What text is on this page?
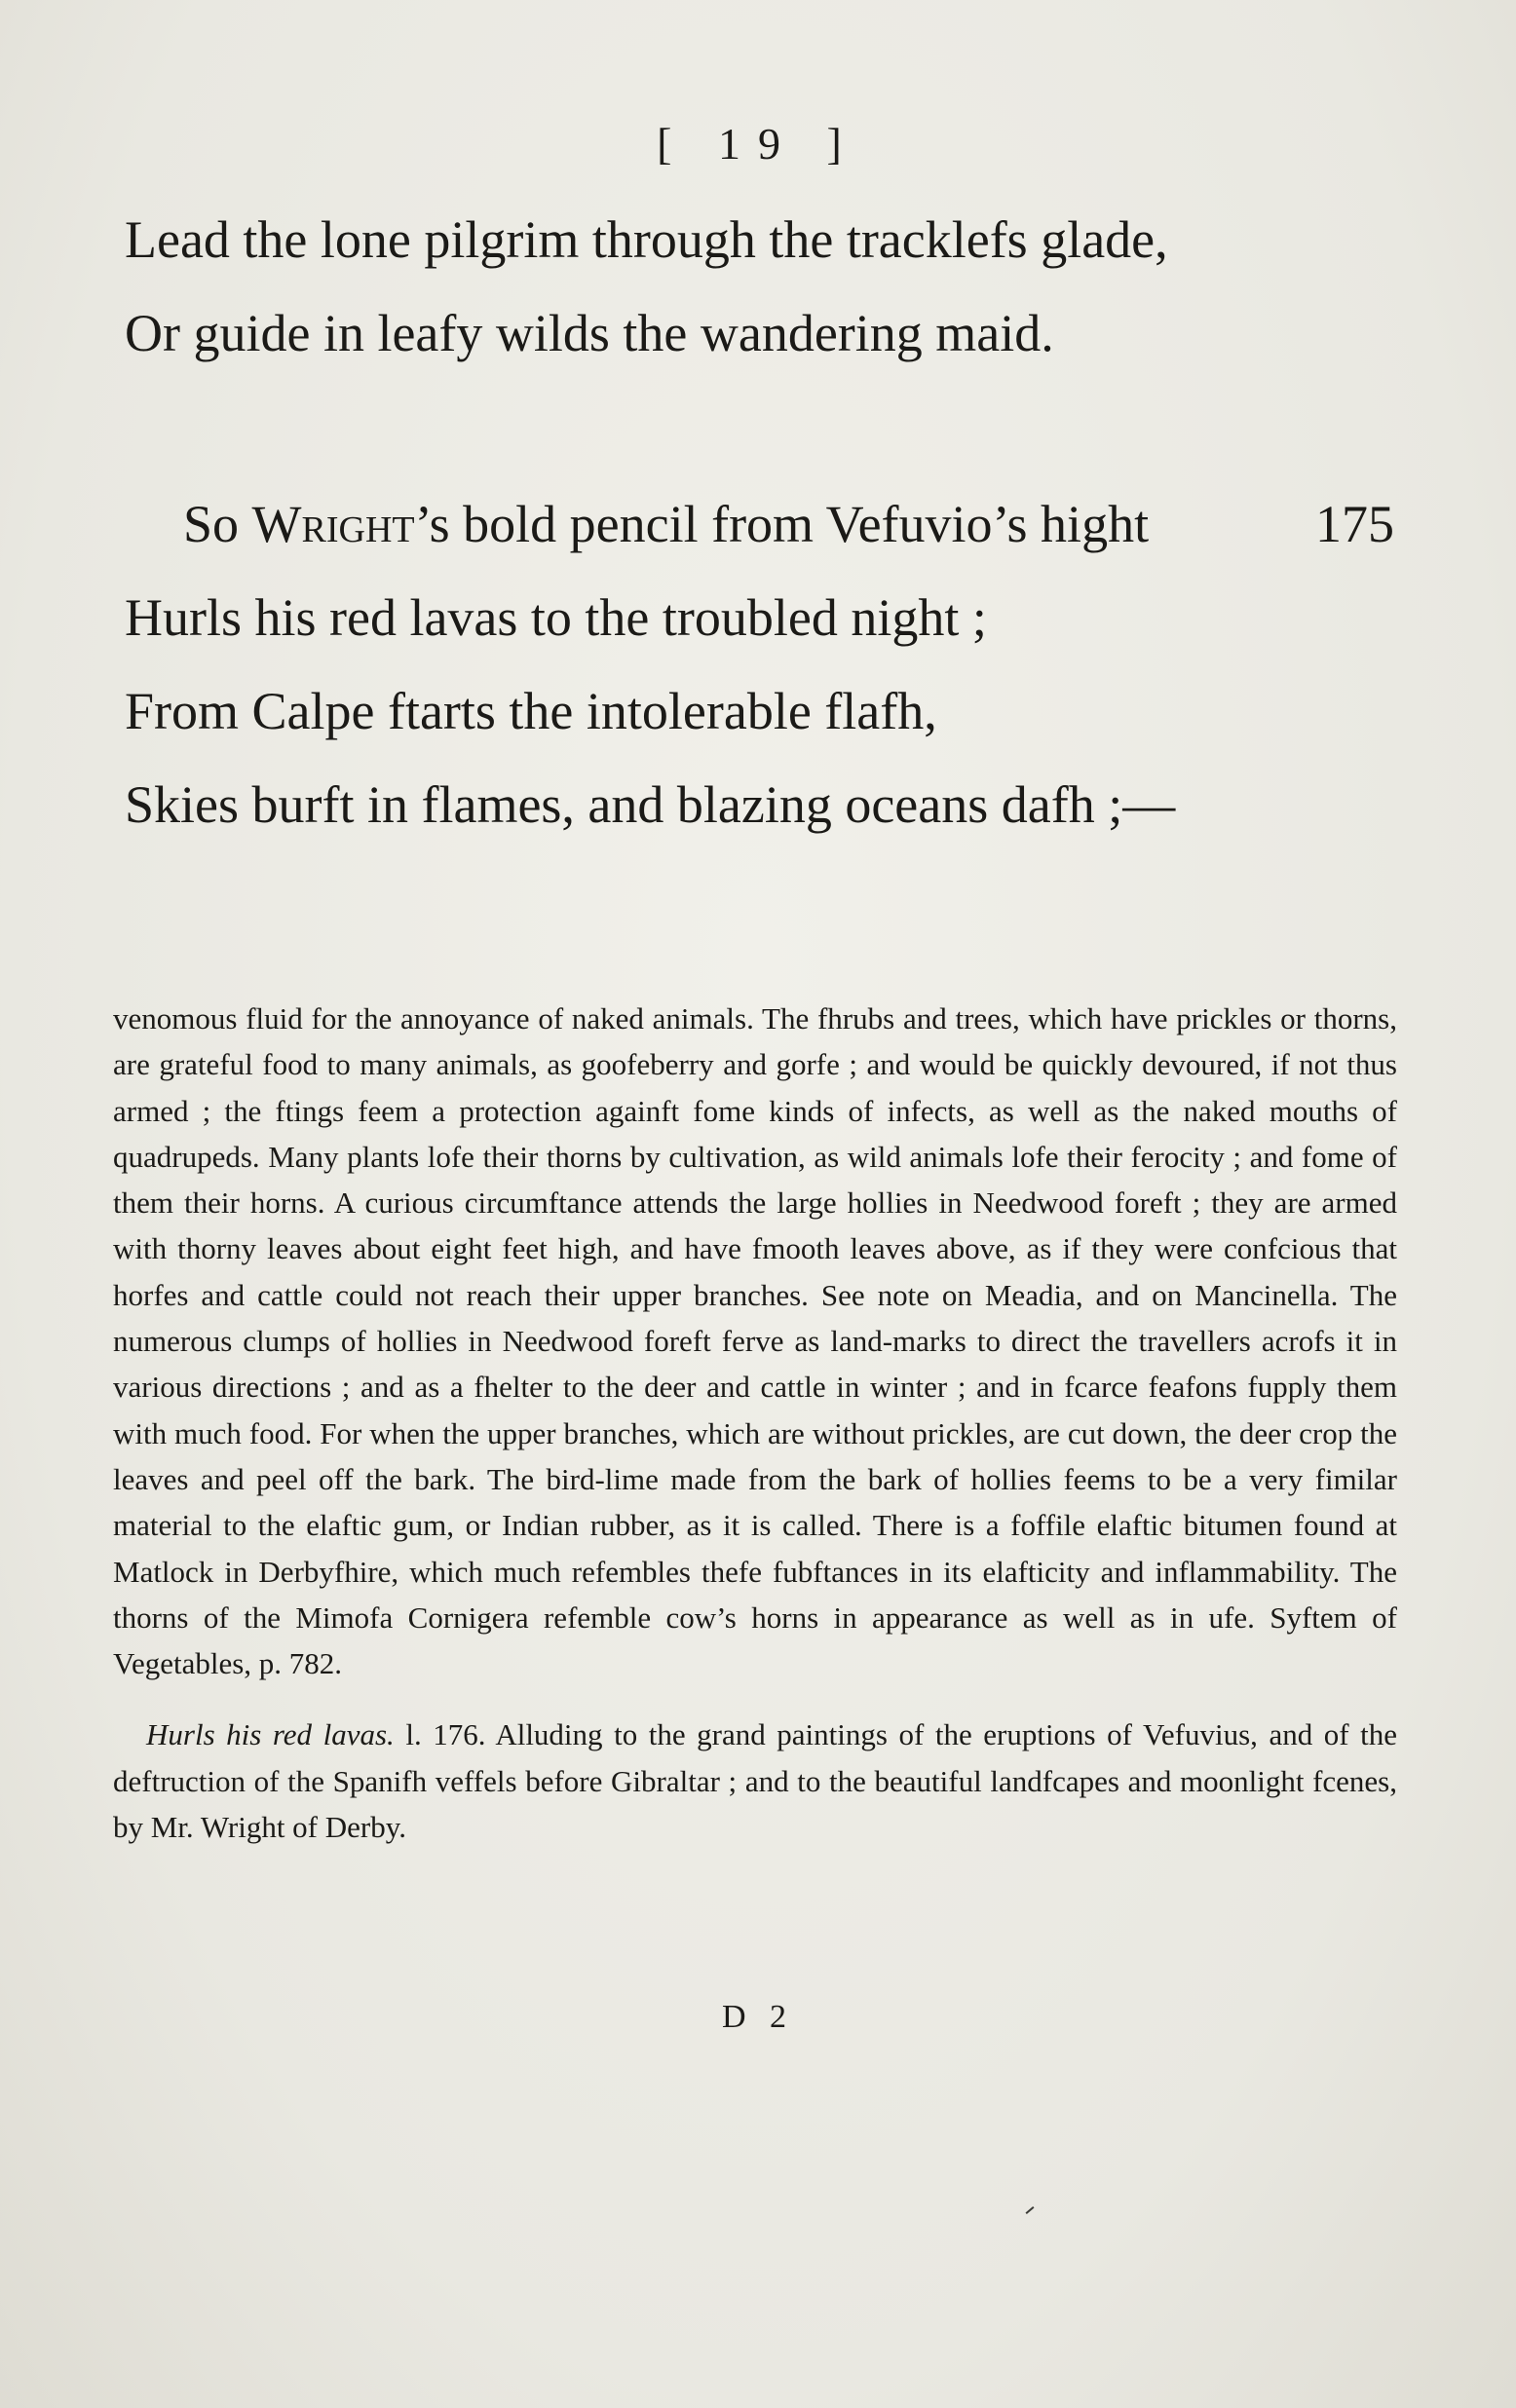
[ 19 ]
Lead the lone pilgrim through the tracklefs glade,
Or guide in leafy wilds the wandering maid.
So Wright’s bold pencil from Vefuvio’s hight	175
Hurls his red lavas to the troubled night ;
From Calpe ftarts the intolerable flafh,
Skies burft in flames, and blazing oceans dafh ;—

venomous fluid for the annoyance of naked animals. The fhrubs and trees, which have prickles or thorns, are grateful food to many animals, as goofeberry and gorfe ; and would be quickly devoured, if not thus armed ; the ftings feem a protection againft fome kinds of infects, as well as the naked mouths of quadrupeds. Many plants lofe their thorns by cultivation, as wild animals lofe their ferocity ; and fome of them their horns. A curious circumftance attends the large hollies in Needwood foreft ; they are armed with thorny leaves about eight feet high, and have fmooth leaves above, as if they were confcious that horfes and cattle could not reach their upper branches. See note on Meadia, and on Mancinella. The numerous clumps of hollies in Needwood foreft ferve as land-marks to direct the travellers acrofs it in various directions ; and as a fhelter to the deer and cattle in winter ; and in fcarce feafons fupply them with much food. For when the upper branches, which are without prickles, are cut down, the deer crop the leaves and peel off the bark. The bird-lime made from the bark of hollies feems to be a very fimilar material to the elaftic gum, or Indian rubber, as it is called. There is a foffile elaftic bitumen found at Matlock in Derbyfhire, which much refembles thefe fubftances in its elafticity and inflammability. The thorns of the Mimofa Cornigera refemble cow’s horns in appearance as well as in ufe. Syftem of Vegetables, p. 782.

Hurls his red lavas. l. 176. Alluding to the grand paintings of the eruptions of Vefuvius, and of the deftruction of the Spanifh veffels before Gibraltar ; and to the beautiful landfcapes and moonlight fcenes, by Mr. Wright of Derby.

D 2
